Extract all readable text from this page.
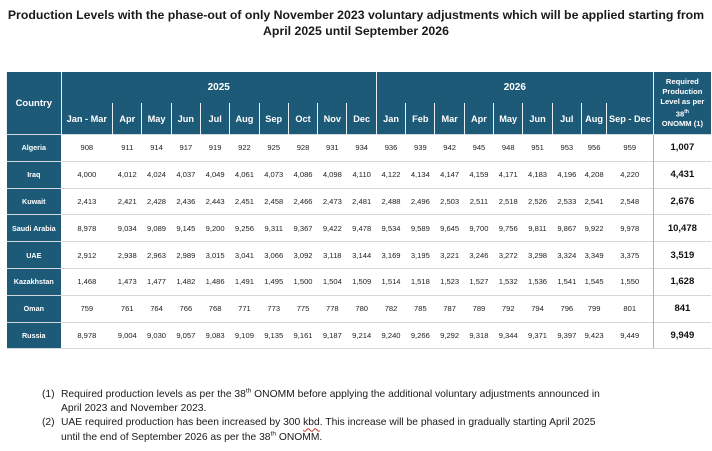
Production Levels with the phase-out of only November 2023 voluntary adjustments which will be applied starting from
April 2025 until September 2026
Country	2025										2026									Required
Production
Level as per
38th
ONOMM (1)
	Jan - Mar	Apr	May	Jun	Jul	Aug	Sep	Oct	Nov	Dec	Jan	Feb	Mar	Apr	May	Jun	Jul	Aug	Sep - Dec	
Algeria	908	911	914	917	919	922	925	928	931	934	936	939	942	945	948	951	953	956	959	1,007
Iraq	4,000	4,012	4,024	4,037	4,049	4,061	4,073	4,086	4,098	4,110	4,122	4,134	4,147	4,159	4,171	4,183	4,196	4,208	4,220	4,431
Kuwait	2,413	2,421	2,428	2,436	2,443	2,451	2,458	2,466	2,473	2,481	2,488	2,496	2,503	2,511	2,518	2,526	2,533	2,541	2,548	2,676
Saudi Arabia	8,978	9,034	9,089	9,145	9,200	9,256	9,311	9,367	9,422	9,478	9,534	9,589	9,645	9,700	9,756	9,811	9,867	9,922	9,978	10,478
UAE	2,912	2,938	2,963	2,989	3,015	3,041	3,066	3,092	3,118	3,144	3,169	3,195	3,221	3,246	3,272	3,298	3,324	3,349	3,375	3,519
Kazakhstan	1,468	1,473	1,477	1,482	1,486	1,491	1,495	1,500	1,504	1,509	1,514	1,518	1,523	1,527	1,532	1,536	1,541	1,545	1,550	1,628
Oman	759	761	764	766	768	771	773	775	778	780	782	785	787	789	792	794	796	799	801	841
Russia	8,978	9,004	9,030	9,057	9,083	9,109	9,135	9,161	9,187	9,214	9,240	9,266	9,292	9,318	9,344	9,371	9,397	9,423	9,449	9,949
(1) Required production levels as per the 38th ONOMM before applying the additional voluntary adjustments announced in
April 2023 and November 2023.
(2) UAE required production has been increased by 300 kbd. This increase will be phased in gradually starting April 2025
until the end of September 2026 as per the 38th ONOMM.
